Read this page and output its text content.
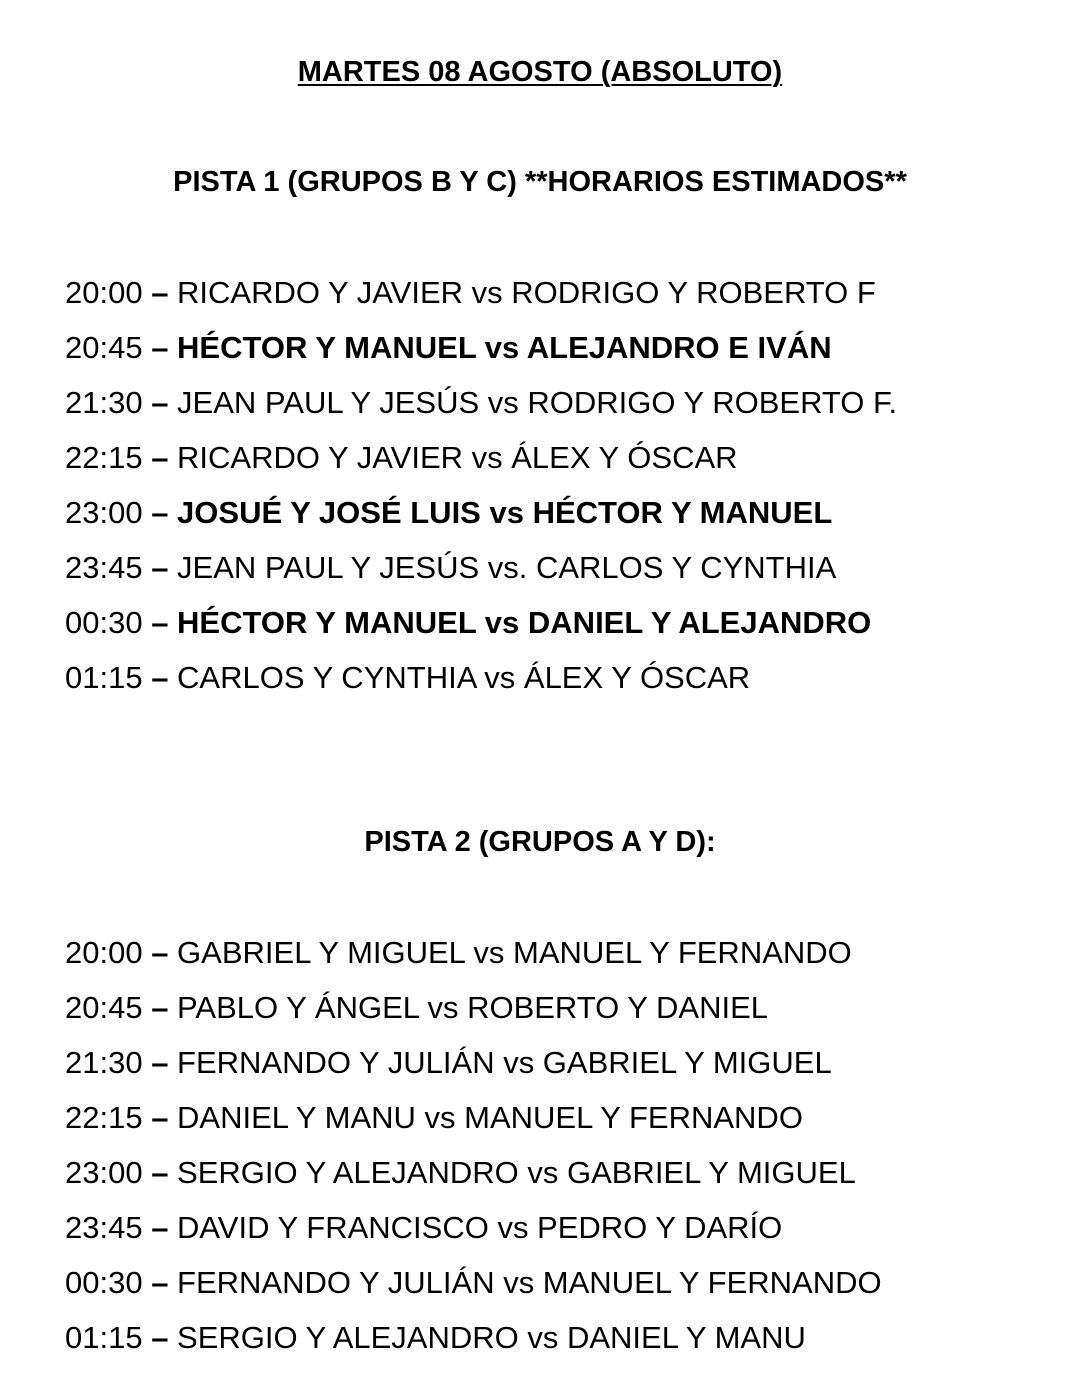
MARTES 08 AGOSTO (ABSOLUTO)
PISTA 1 (GRUPOS B Y C) **HORARIOS ESTIMADOS**
20:00 – RICARDO Y JAVIER vs RODRIGO Y ROBERTO F
20:45 – HÉCTOR Y MANUEL vs ALEJANDRO E IVÁN
21:30 – JEAN PAUL Y JESÚS vs RODRIGO Y ROBERTO F.
22:15 – RICARDO Y JAVIER vs ÁLEX Y ÓSCAR
23:00 – JOSUÉ Y JOSÉ LUIS vs HÉCTOR Y MANUEL
23:45 – JEAN PAUL Y JESÚS vs. CARLOS Y CYNTHIA
00:30 – HÉCTOR Y MANUEL vs DANIEL Y ALEJANDRO
01:15 – CARLOS Y CYNTHIA vs ÁLEX Y ÓSCAR
PISTA 2 (GRUPOS A Y D):
20:00 – GABRIEL Y MIGUEL vs MANUEL Y FERNANDO
20:45 – PABLO Y ÁNGEL vs ROBERTO Y DANIEL
21:30 – FERNANDO Y JULIÁN vs GABRIEL Y MIGUEL
22:15 – DANIEL Y MANU vs MANUEL Y FERNANDO
23:00 – SERGIO Y ALEJANDRO vs GABRIEL Y MIGUEL
23:45 – DAVID Y FRANCISCO vs PEDRO Y DARÍO
00:30 – FERNANDO Y JULIÁN vs MANUEL Y FERNANDO
01:15 – SERGIO Y ALEJANDRO vs DANIEL Y MANU
